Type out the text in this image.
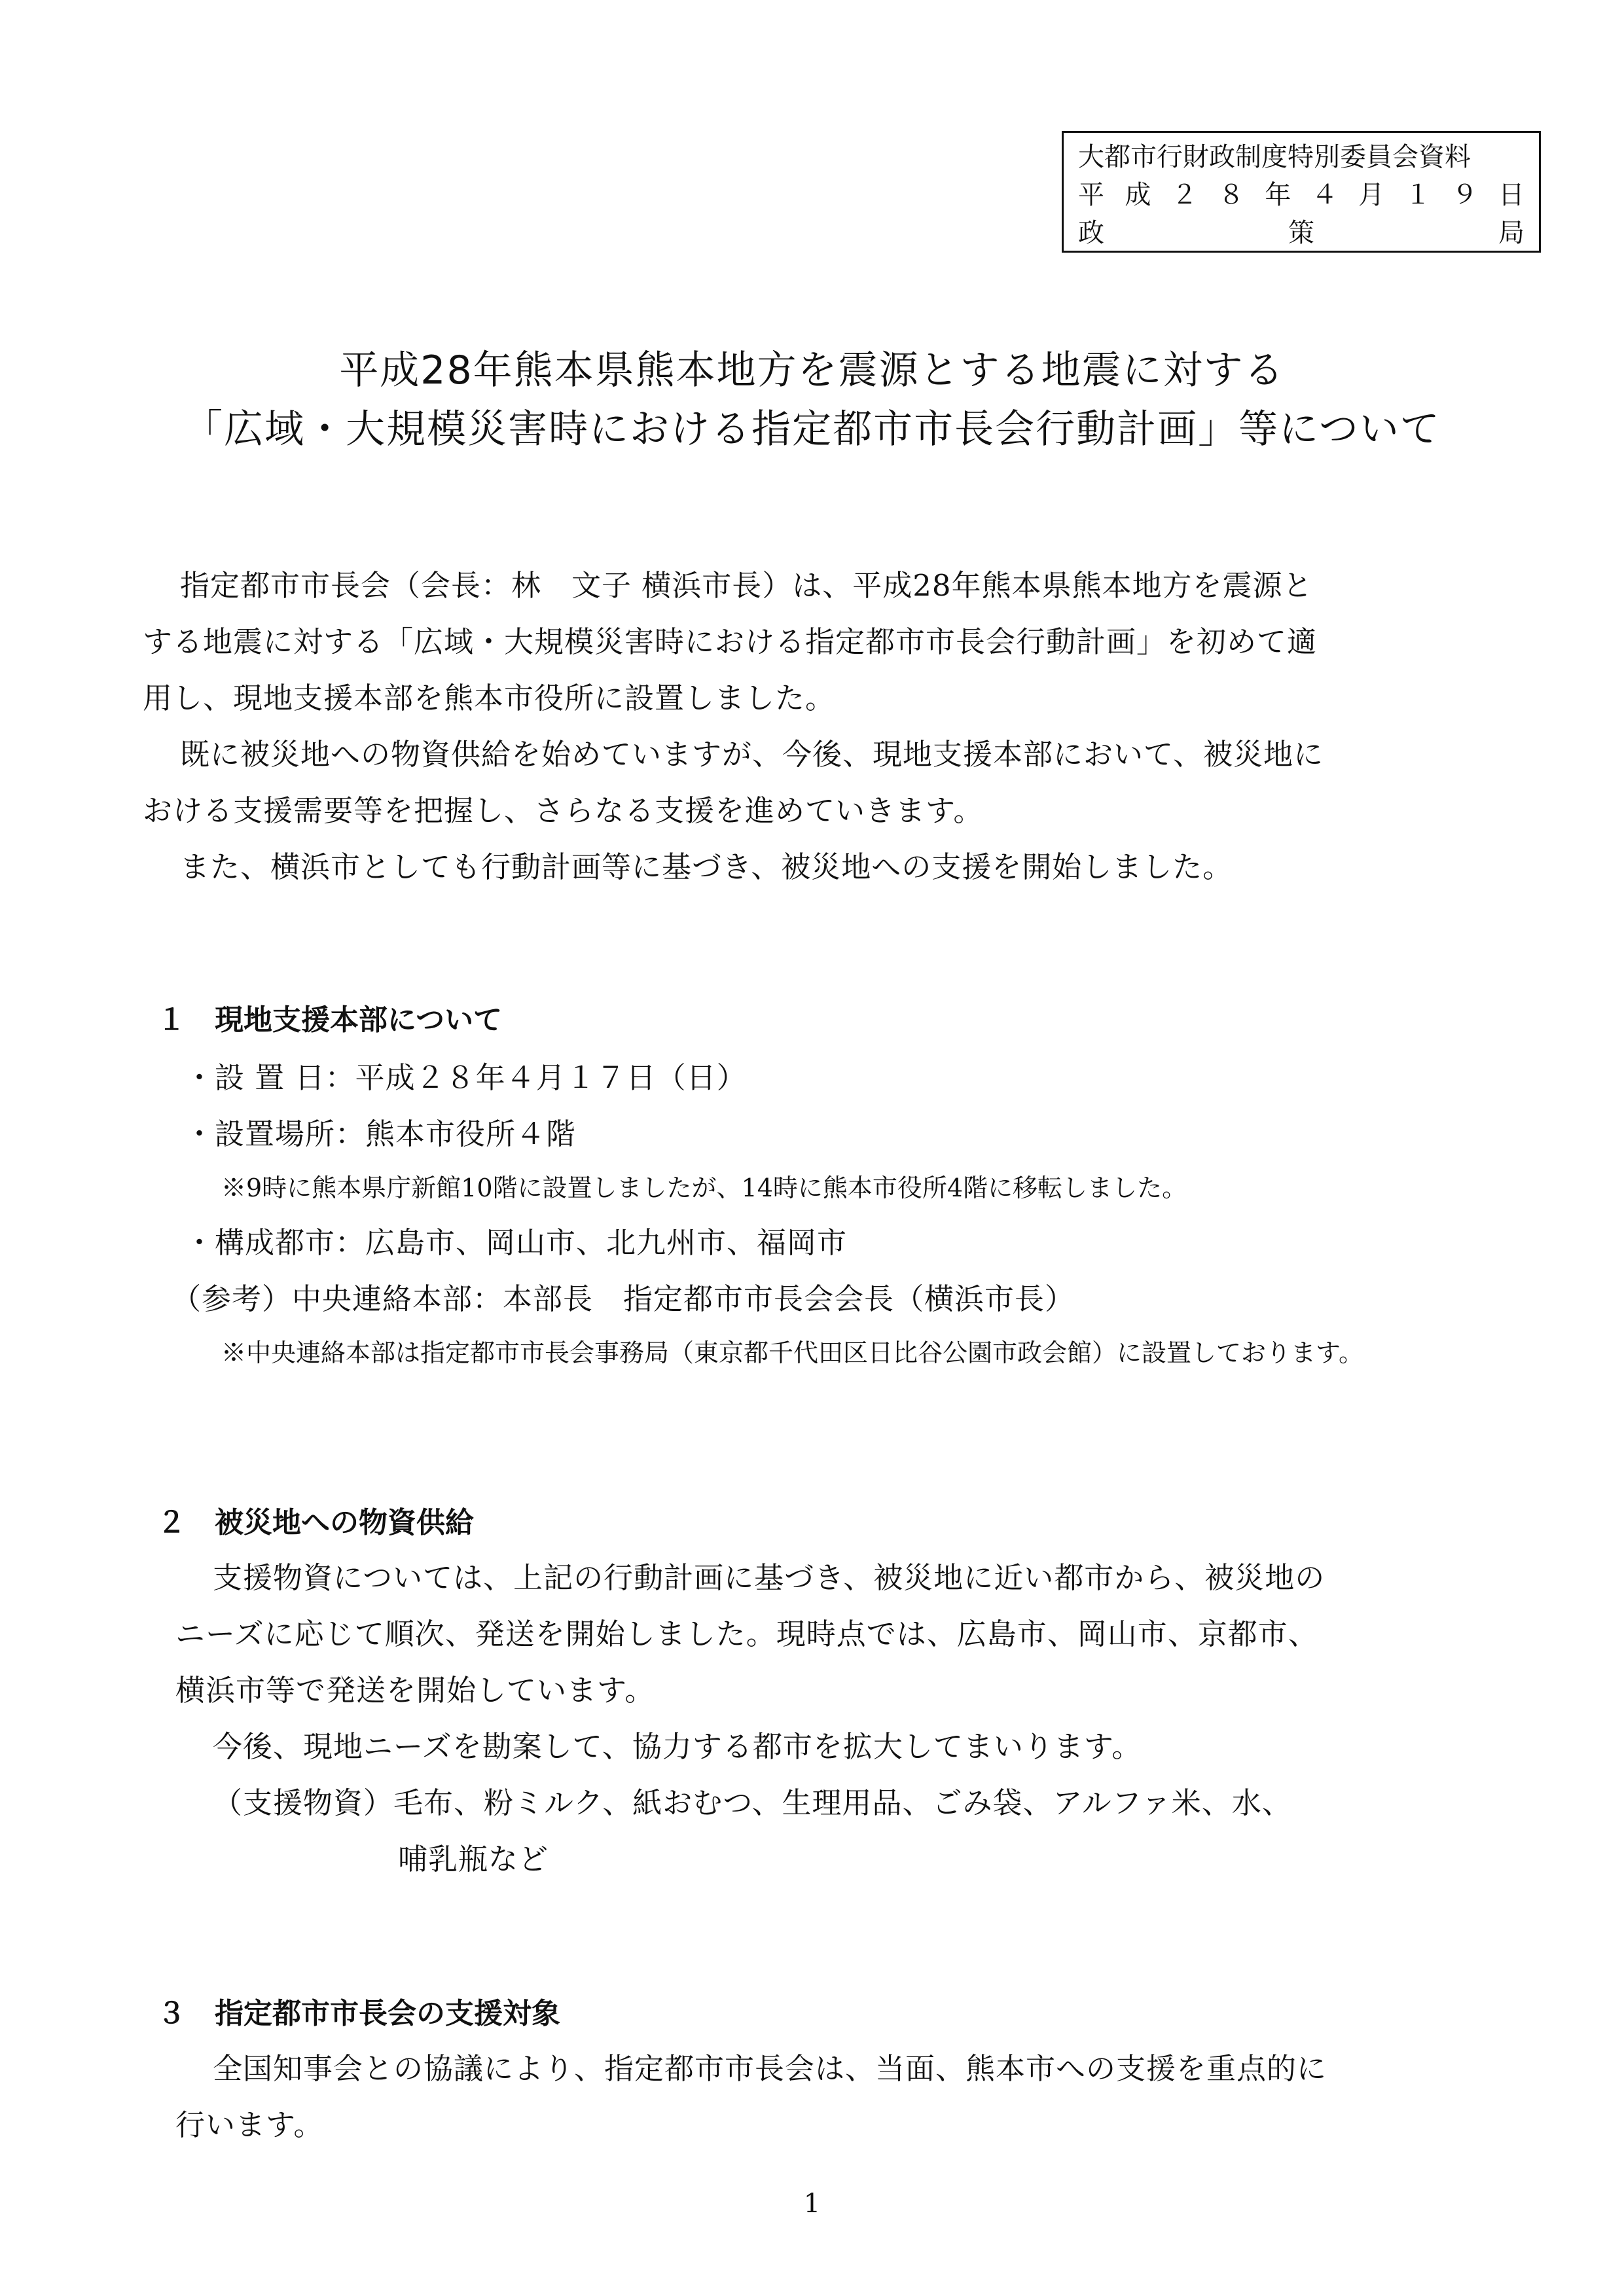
大都市行財政制度特別委員会資料
平 成 ２ ８ 年 ４ 月 １ ９ 日
政	策	局
平成28年熊本県熊本地方を震源とする地震に対する
「広域・大規模災害時における指定都市市長会行動計画」等について
指定都市市長会（会長：林　文子 横浜市長）は、平成28年熊本県熊本地方を震源と
する地震に対する「広域・大規模災害時における指定都市市長会行動計画」を初めて適
用し、現地支援本部を熊本市役所に設置しました。
既に被災地への物資供給を始めていますが、今後、現地支援本部において、被災地に
おける支援需要等を把握し、さらなる支援を進めていきます。
また、横浜市としても行動計画等に基づき、被災地への支援を開始しました。
１　現地支援本部について
・設 置 日：平成２８年４月１７日（日）
・設置場所：熊本市役所４階
※9時に熊本県庁新館10階に設置しましたが、14時に熊本市役所4階に移転しました。
・構成都市：広島市、岡山市、北九州市、福岡市
（参考）中央連絡本部：本部長　指定都市市長会会長（横浜市長）
※中央連絡本部は指定都市市長会事務局（東京都千代田区日比谷公園市政会館）に設置しております。
２　被災地への物資供給
支援物資については、上記の行動計画に基づき、被災地に近い都市から、被災地の
ニーズに応じて順次、発送を開始しました。現時点では、広島市、岡山市、京都市、
横浜市等で発送を開始しています。
今後、現地ニーズを勘案して、協力する都市を拡大してまいります。
（支援物資）毛布、粉ミルク、紙おむつ、生理用品、ごみ袋、アルファ米、水、
哺乳瓶など
３　指定都市市長会の支援対象
全国知事会との協議により、指定都市市長会は、当面、熊本市への支援を重点的に
行います。
1
